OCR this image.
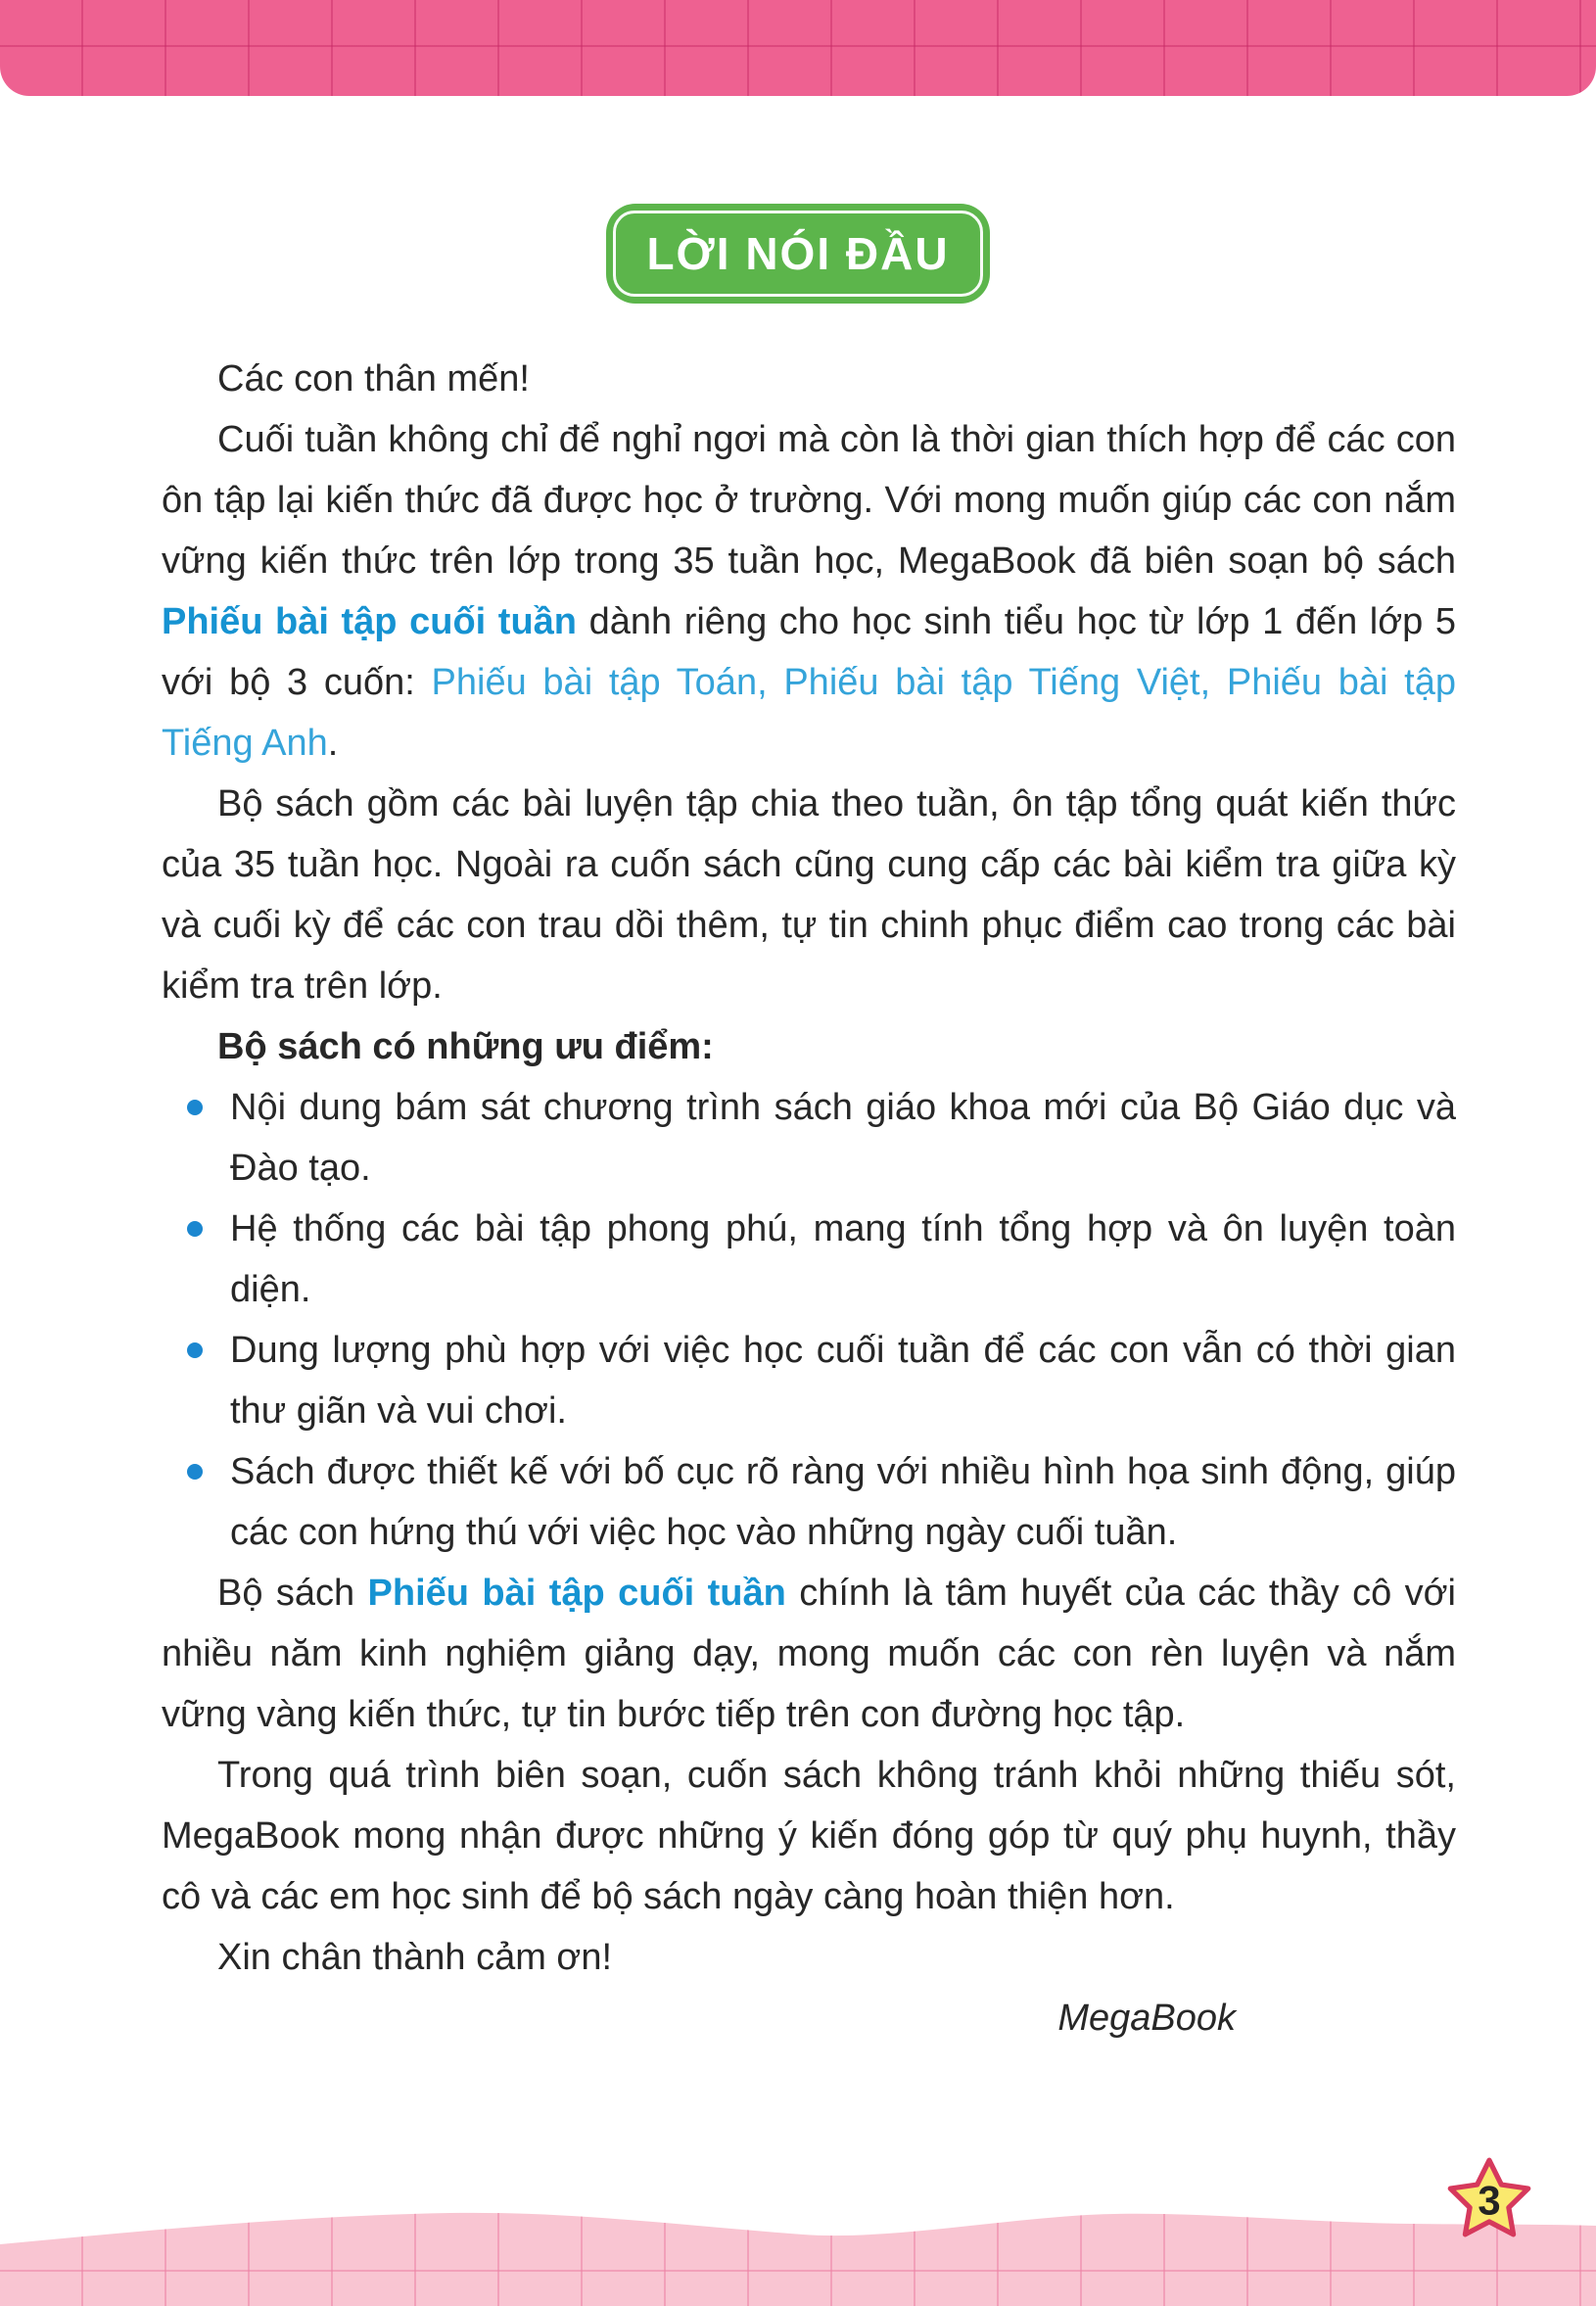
LỜI NÓI ĐẦU

Các con thân mến!

Cuối tuần không chỉ để nghỉ ngơi mà còn là thời gian thích hợp để các con ôn tập lại kiến thức đã được học ở trường. Với mong muốn giúp các con nắm vững kiến thức trên lớp trong 35 tuần học, MegaBook đã biên soạn bộ sách Phiếu bài tập cuối tuần dành riêng cho học sinh tiểu học từ lớp 1 đến lớp 5 với bộ 3 cuốn: Phiếu bài tập Toán, Phiếu bài tập Tiếng Việt, Phiếu bài tập Tiếng Anh.

Bộ sách gồm các bài luyện tập chia theo tuần, ôn tập tổng quát kiến thức của 35 tuần học. Ngoài ra cuốn sách cũng cung cấp các bài kiểm tra giữa kỳ và cuối kỳ để các con trau dồi thêm, tự tin chinh phục điểm cao trong các bài kiểm tra trên lớp.

Bộ sách có những ưu điểm:

Nội dung bám sát chương trình sách giáo khoa mới của Bộ Giáo dục và Đào tạo.

Hệ thống các bài tập phong phú, mang tính tổng hợp và ôn luyện toàn diện.

Dung lượng phù hợp với việc học cuối tuần để các con vẫn có thời gian thư giãn và vui chơi.

Sách được thiết kế với bố cục rõ ràng với nhiều hình họa sinh động, giúp các con hứng thú với việc học vào những ngày cuối tuần.

Bộ sách Phiếu bài tập cuối tuần chính là tâm huyết của các thầy cô với nhiều năm kinh nghiệm giảng dạy, mong muốn các con rèn luyện và nắm vững vàng kiến thức, tự tin bước tiếp trên con đường học tập.

Trong quá trình biên soạn, cuốn sách không tránh khỏi những thiếu sót, MegaBook mong nhận được những ý kiến đóng góp từ quý phụ huynh, thầy cô và các em học sinh để bộ sách ngày càng hoàn thiện hơn.

Xin chân thành cảm ơn!

MegaBook

3
